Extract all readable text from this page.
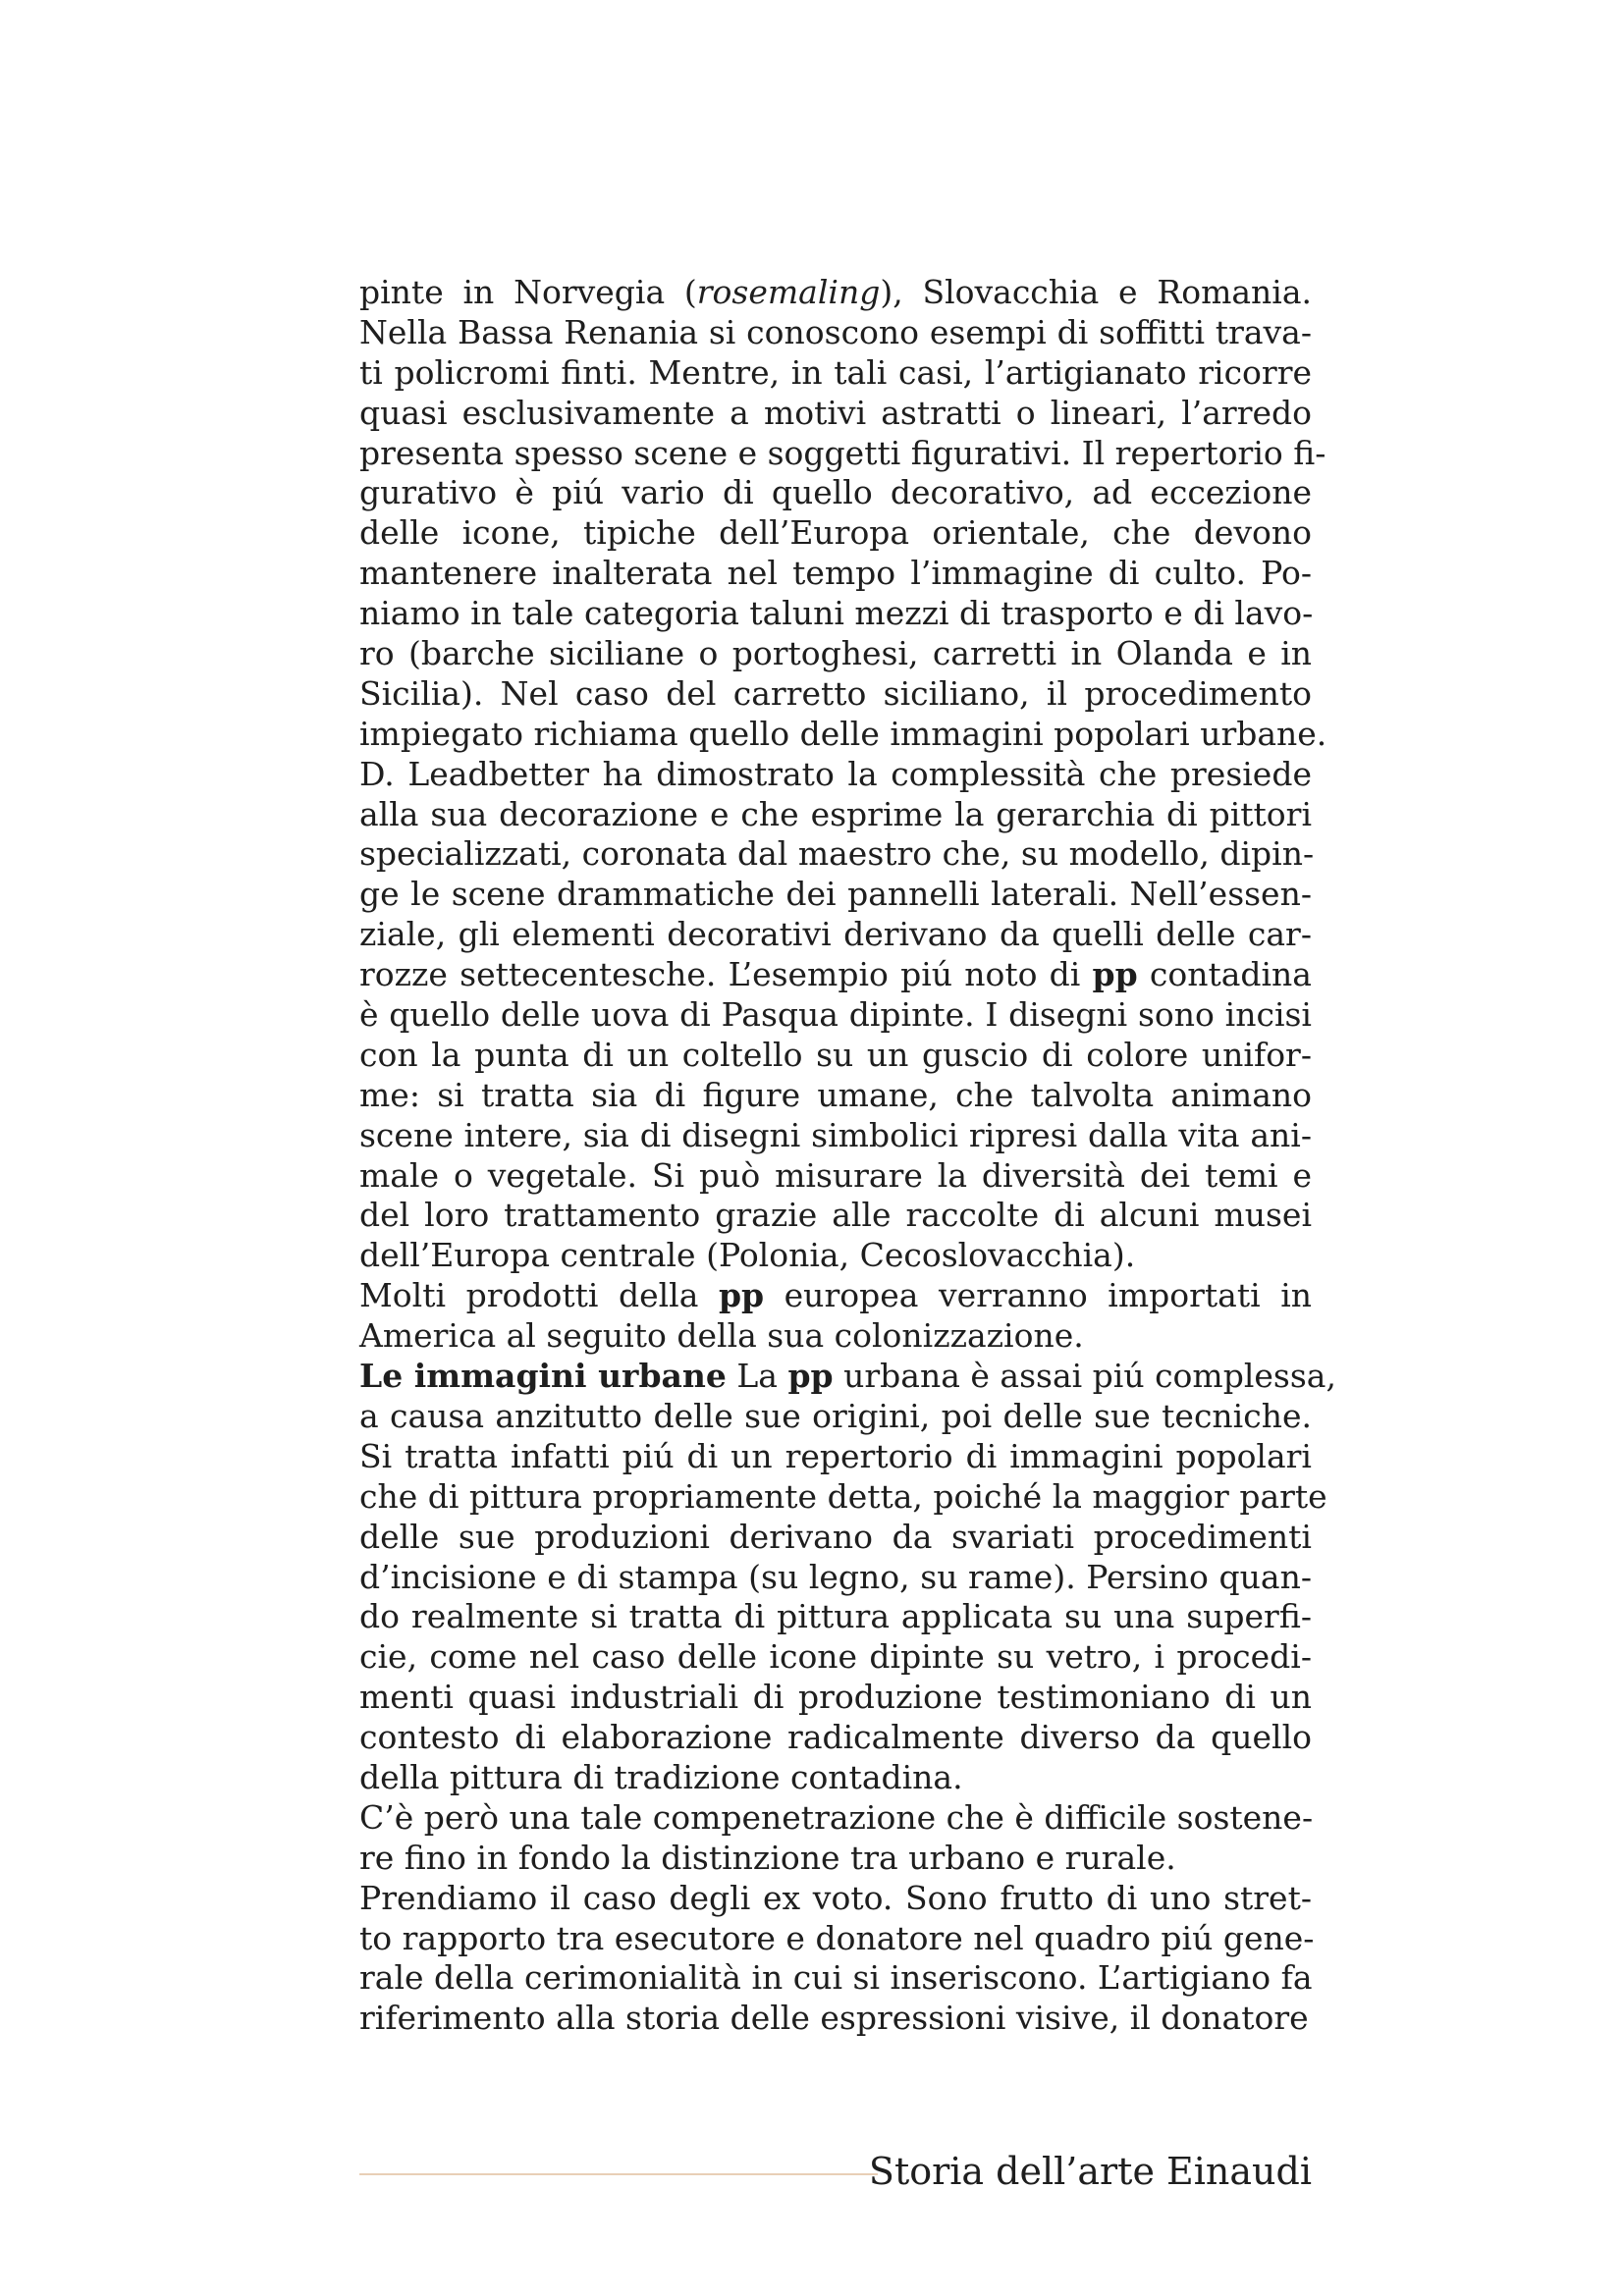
pinte in Norvegia (rosemaling), Slovacchia e Romania.
Nella Bassa Renania si conoscono esempi di soffitti trava-
ti policromi finti. Mentre, in tali casi, l’artigianato ricorre
quasi esclusivamente a motivi astratti o lineari, l’arredo
presenta spesso scene e soggetti figurativi. Il repertorio fi-
gurativo è piú vario di quello decorativo, ad eccezione
delle icone, tipiche dell’Europa orientale, che devono
mantenere inalterata nel tempo l’immagine di culto. Po-
niamo in tale categoria taluni mezzi di trasporto e di lavo-
ro (barche siciliane o portoghesi, carretti in Olanda e in
Sicilia). Nel caso del carretto siciliano, il procedimento
impiegato richiama quello delle immagini popolari urbane.
D. Leadbetter ha dimostrato la complessità che presiede
alla sua decorazione e che esprime la gerarchia di pittori
specializzati, coronata dal maestro che, su modello, dipin-
ge le scene drammatiche dei pannelli laterali. Nell’essen-
ziale, gli elementi decorativi derivano da quelli delle car-
rozze settecentesche. L’esempio piú noto di pp contadina
è quello delle uova di Pasqua dipinte. I disegni sono incisi
con la punta di un coltello su un guscio di colore unifor-
me: si tratta sia di figure umane, che talvolta animano
scene intere, sia di disegni simbolici ripresi dalla vita ani-
male o vegetale. Si può misurare la diversità dei temi e
del loro trattamento grazie alle raccolte di alcuni musei
dell’Europa centrale (Polonia, Cecoslovacchia).
Molti prodotti della pp europea verranno importati in
America al seguito della sua colonizzazione.
Le immagini urbane La pp urbana è assai piú complessa,
a causa anzitutto delle sue origini, poi delle sue tecniche.
Si tratta infatti piú di un repertorio di immagini popolari
che di pittura propriamente detta, poiché la maggior parte
delle sue produzioni derivano da svariati procedimenti
d’incisione e di stampa (su legno, su rame). Persino quan-
do realmente si tratta di pittura applicata su una superfi-
cie, come nel caso delle icone dipinte su vetro, i procedi-
menti quasi industriali di produzione testimoniano di un
contesto di elaborazione radicalmente diverso da quello
della pittura di tradizione contadina.
C’è però una tale compenetrazione che è difficile sostene-
re fino in fondo la distinzione tra urbano e rurale.
Prendiamo il caso degli ex voto. Sono frutto di uno stret-
to rapporto tra esecutore e donatore nel quadro piú gene-
rale della cerimonialità in cui si inseriscono. L’artigiano fa
riferimento alla storia delle espressioni visive, il donatore
Storia dell’arte Einaudi
